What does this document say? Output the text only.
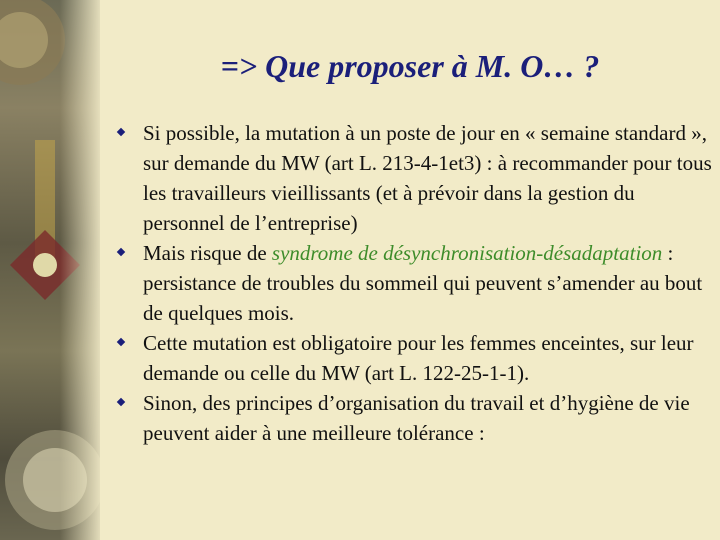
=> Que proposer à M. O… ?
Si possible, la mutation à un poste de jour en « semaine standard », sur demande du MW (art L. 213-4-1et3) : à recommander pour tous les travailleurs vieillissants (et à prévoir dans la gestion du personnel de l’entreprise)
Mais risque de syndrome de désynchronisation-désadaptation : persistance de troubles du sommeil qui peuvent s’amender au bout de quelques mois.
Cette mutation est obligatoire pour les femmes enceintes, sur leur demande ou celle du MW (art L. 122-25-1-1).
Sinon, des principes d’organisation du travail et d’hygiène de vie peuvent aider à une meilleure tolérance :
